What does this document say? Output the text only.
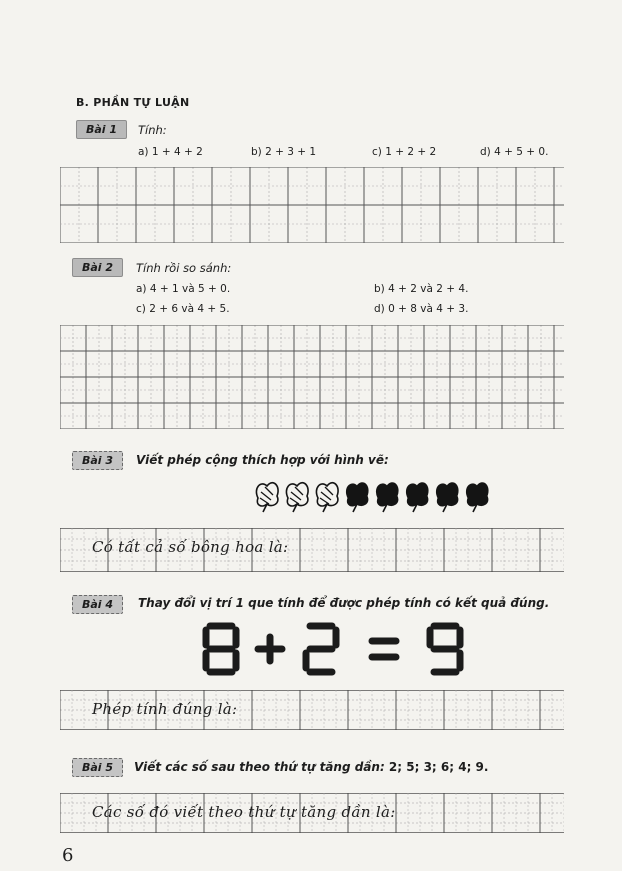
B. PHẦN TỰ LUẬN
Bài 1	Tính:
a) 1 + 4 + 2	b) 2 + 3 + 1	c) 1 + 2 + 2	d) 4 + 5 + 0.
Bài 2	Tính rồi so sánh:
a) 4 + 1 và 5 + 0.	b) 4 + 2 và 2 + 4.
c) 2 + 6 và 4 + 5.	d) 0 + 8 và 4 + 3.
Bài 3	Viết phép cộng thích hợp với hình vẽ:
Có tất cả số bông hoa là:
Bài 4	Thay đổi vị trí 1 que tính để được phép tính có kết quả đúng.
Phép tính đúng là:
Bài 5	Viết các số sau theo thứ tự tăng dần: 2; 5; 3; 6; 4; 9.
Các số đó viết theo thứ tự tăng dần là:
6
